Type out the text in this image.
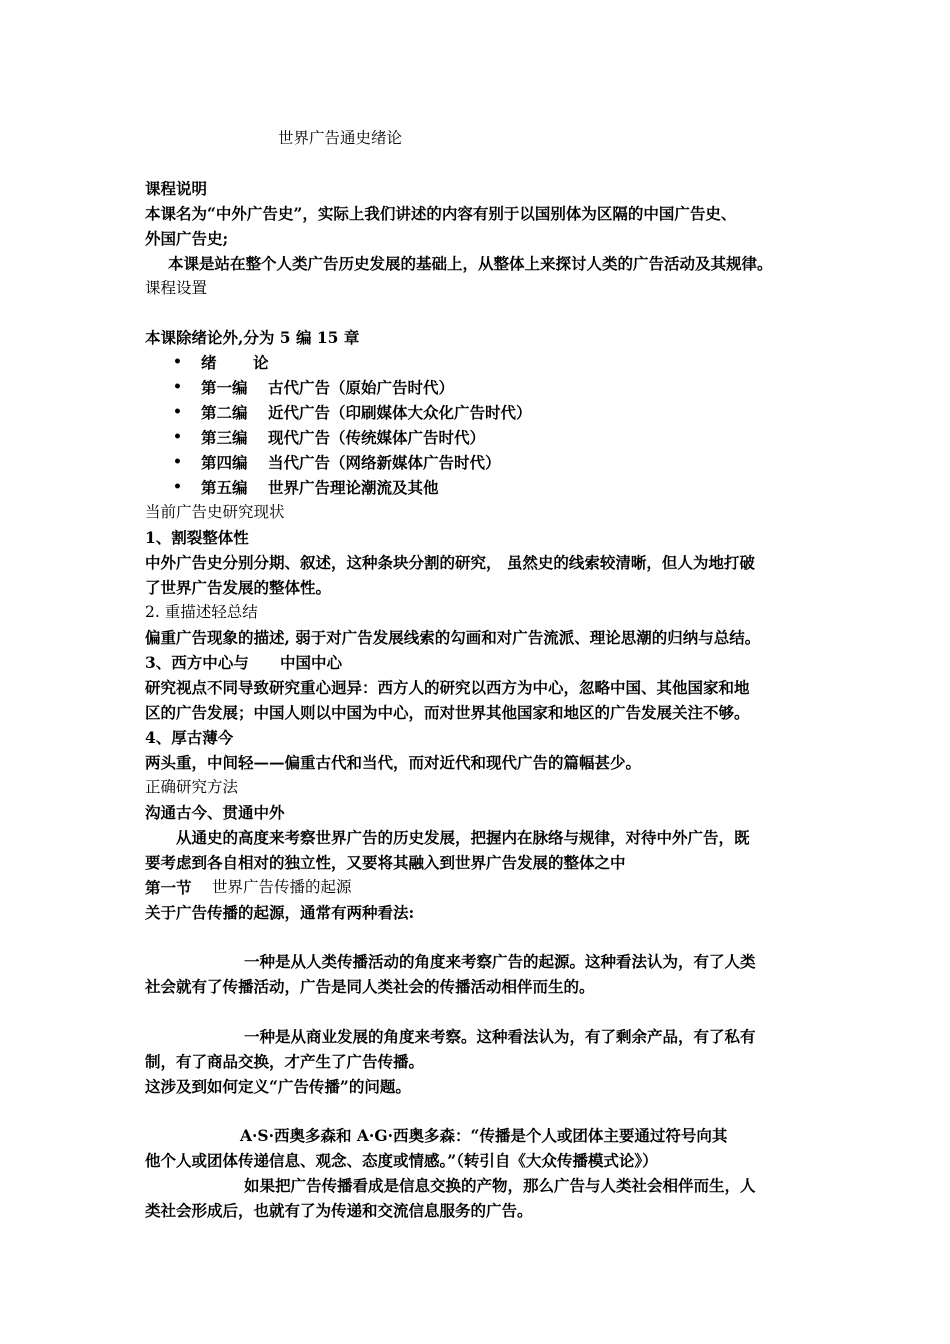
世界广告通史绪论
课程说明
本课名为“中外广告史”，实际上我们讲述的内容有别于以国别体为区隔的中国广告史、
外国广告史;
本课是站在整个人类广告历史发展的基础上，从整体上来探讨人类的广告活动及其规律。
课程设置
本课除绪论外,分为 5 编 15 章
• 绪 论
• 第一编 古代广告（原始广告时代）
• 第二编 近代广告（印刷媒体大众化广告时代）
• 第三编 现代广告（传统媒体广告时代）
• 第四编 当代广告（网络新媒体广告时代）
• 第五编 世界广告理论潮流及其他
当前广告史研究现状
1、割裂整体性
中外广告史分别分期、叙述，这种条块分割的研究， 虽然史的线索较清晰，但人为地打破
了世界广告发展的整体性。
2. 重描述轻总结
偏重广告现象的描述, 弱于对广告发展线索的勾画和对广告流派、理论思潮的归纳与总结。
3、西方中心与 中国中心
研究视点不同导致研究重心迥异：西方人的研究以西方为中心，忽略中国、其他国家和地
区的广告发展；中国人则以中国为中心，而对世界其他国家和地区的广告发展关注不够。
4、厚古薄今
两头重，中间轻——偏重古代和当代，而对近代和现代广告的篇幅甚少。
正确研究方法
沟通古今、贯通中外
从通史的高度来考察世界广告的历史发展，把握内在脉络与规律，对待中外广告，既
要考虑到各自相对的独立性，又要将其融入到世界广告发展的整体之中
第一节 世界广告传播的起源
关于广告传播的起源，通常有两种看法:
一种是从人类传播活动的角度来考察广告的起源。这种看法认为，有了人类
社会就有了传播活动，广告是同人类社会的传播活动相伴而生的。
一种是从商业发展的角度来考察。这种看法认为，有了剩余产品，有了私有
制，有了商品交换，才产生了广告传播。
这涉及到如何定义“广告传播”的问题。
A·S·西奥多森和 A·G·西奥多森：“传播是个人或团体主要通过符号向其
他个人或团体传递信息、观念、态度或情感。”（转引自《大众传播模式论》）
如果把广告传播看成是信息交换的产物，那么广告与人类社会相伴而生，人
类社会形成后，也就有了为传递和交流信息服务的广告。
